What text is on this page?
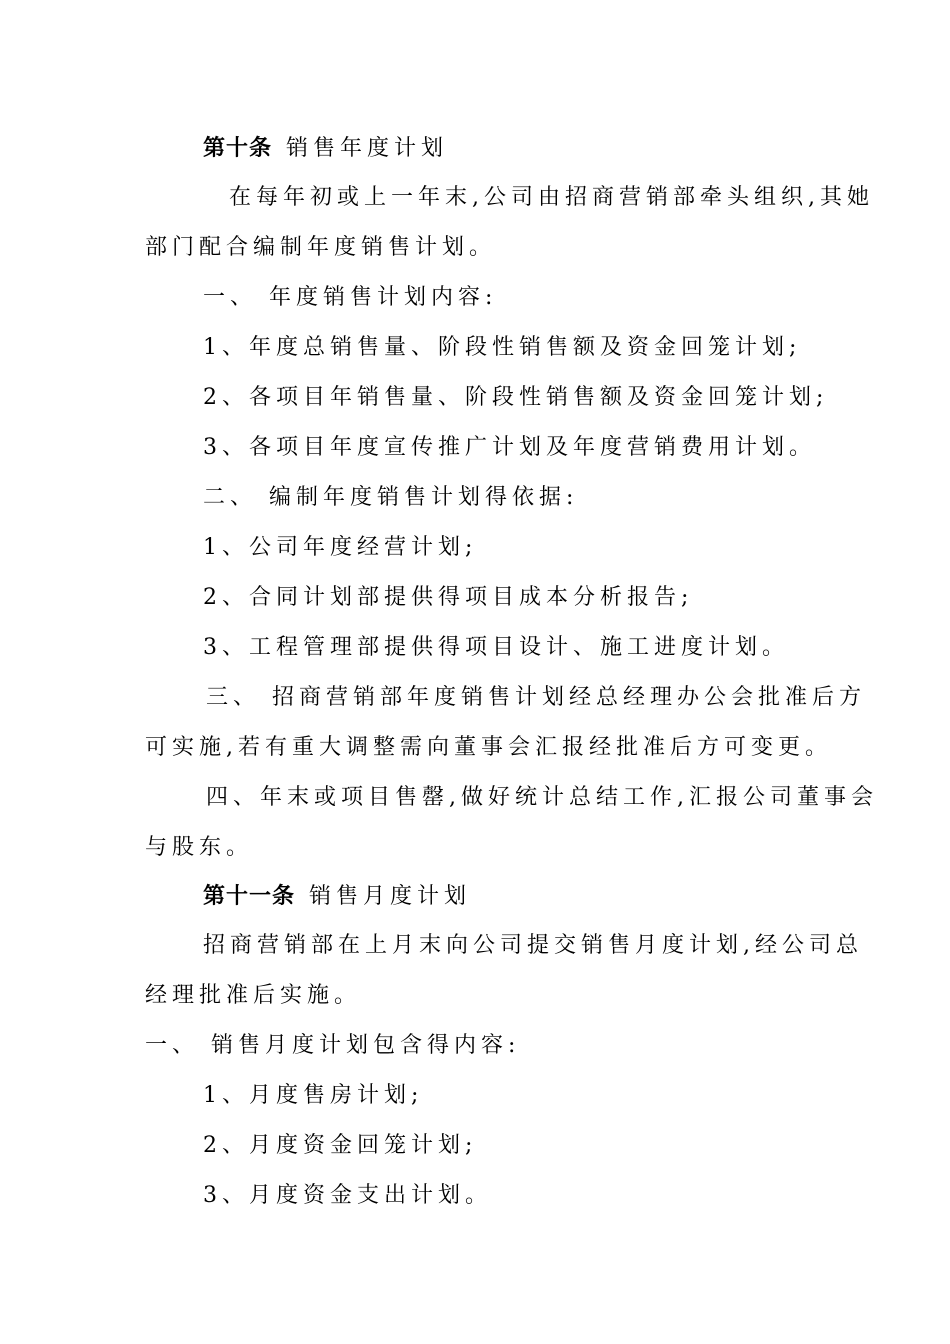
第十条 销售年度计划
在每年初或上一年末,公司由招商营销部牵头组织,其她
部门配合编制年度销售计划。
一、 年度销售计划内容:
1、年度总销售量、阶段性销售额及资金回笼计划;
2、各项目年销售量、阶段性销售额及资金回笼计划;
3、各项目年度宣传推广计划及年度营销费用计划。
二、 编制年度销售计划得依据:
1、公司年度经营计划;
2、合同计划部提供得项目成本分析报告;
3、工程管理部提供得项目设计、施工进度计划。
三、 招商营销部年度销售计划经总经理办公会批准后方
可实施,若有重大调整需向董事会汇报经批准后方可变更。
四、年末或项目售罄,做好统计总结工作,汇报公司董事会
与股东。
第十一条 销售月度计划
招商营销部在上月末向公司提交销售月度计划,经公司总
经理批准后实施。
一、 销售月度计划包含得内容:
1、月度售房计划;
2、月度资金回笼计划;
3、月度资金支出计划。
